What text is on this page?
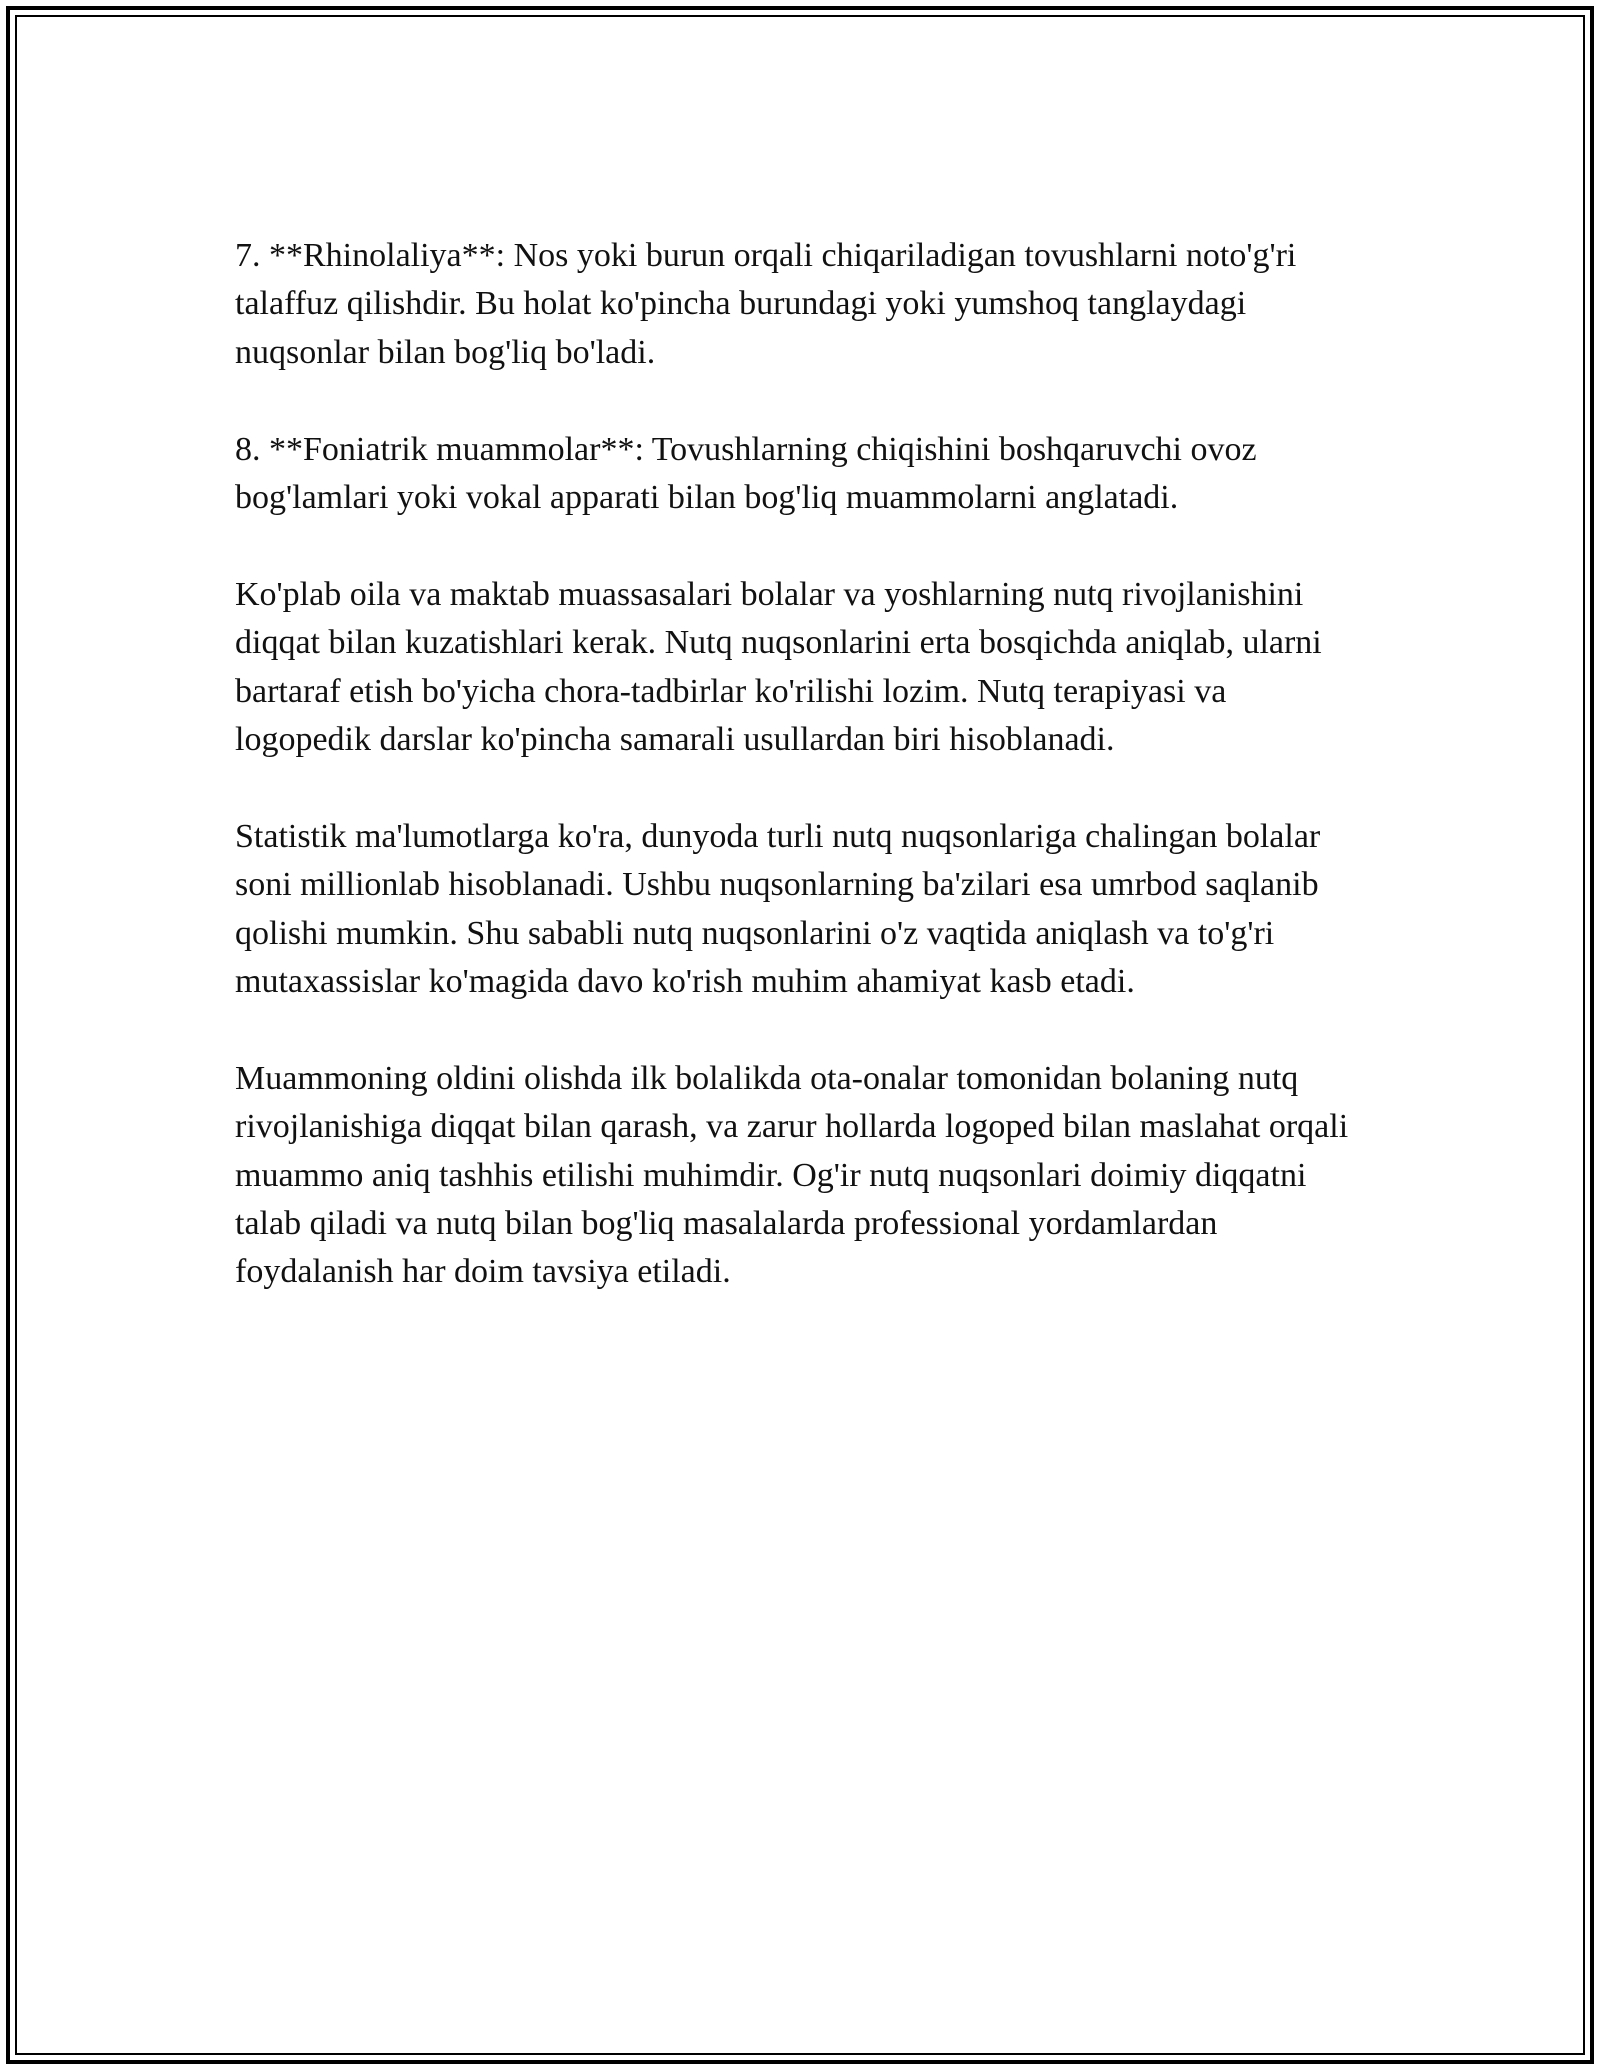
7. **Rhinolaliya**: Nos yoki burun orqali chiqariladigan tovushlarni noto'g'ri talaffuz qilishdir. Bu holat ko'pincha burundagi yoki yumshoq tanglaydagi nuqsonlar bilan bog'liq bo'ladi.

8. **Foniatrik muammolar**: Tovushlarning chiqishini boshqaruvchi ovoz bog'lamlari yoki vokal apparati bilan bog'liq muammolarni anglatadi.

Ko'plab oila va maktab muassasalari bolalar va yoshlarning nutq rivojlanishini diqqat bilan kuzatishlari kerak. Nutq nuqsonlarini erta bosqichda aniqlab, ularni bartaraf etish bo'yicha chora-tadbirlar ko'rilishi lozim. Nutq terapiyasi va logopedik darslar ko'pincha samarali usullardan biri hisoblanadi.

Statistik ma'lumotlarga ko'ra, dunyoda turli nutq nuqsonlariga chalingan bolalar soni millionlab hisoblanadi. Ushbu nuqsonlarning ba'zilari esa umrbod saqlanib qolishi mumkin. Shu sababli nutq nuqsonlarini o'z vaqtida aniqlash va to'g'ri mutaxassislar ko'magida davo ko'rish muhim ahamiyat kasb etadi.

Muammoning oldini olishda ilk bolalikda ota-onalar tomonidan bolaning nutq rivojlanishiga diqqat bilan qarash, va zarur hollarda logoped bilan maslahat orqali muammo aniq tashhis etilishi muhimdir. Og'ir nutq nuqsonlari doimiy diqqatni talab qiladi va nutq bilan bog'liq masalalarda professional yordamlardan foydalanish har doim tavsiya etiladi.
